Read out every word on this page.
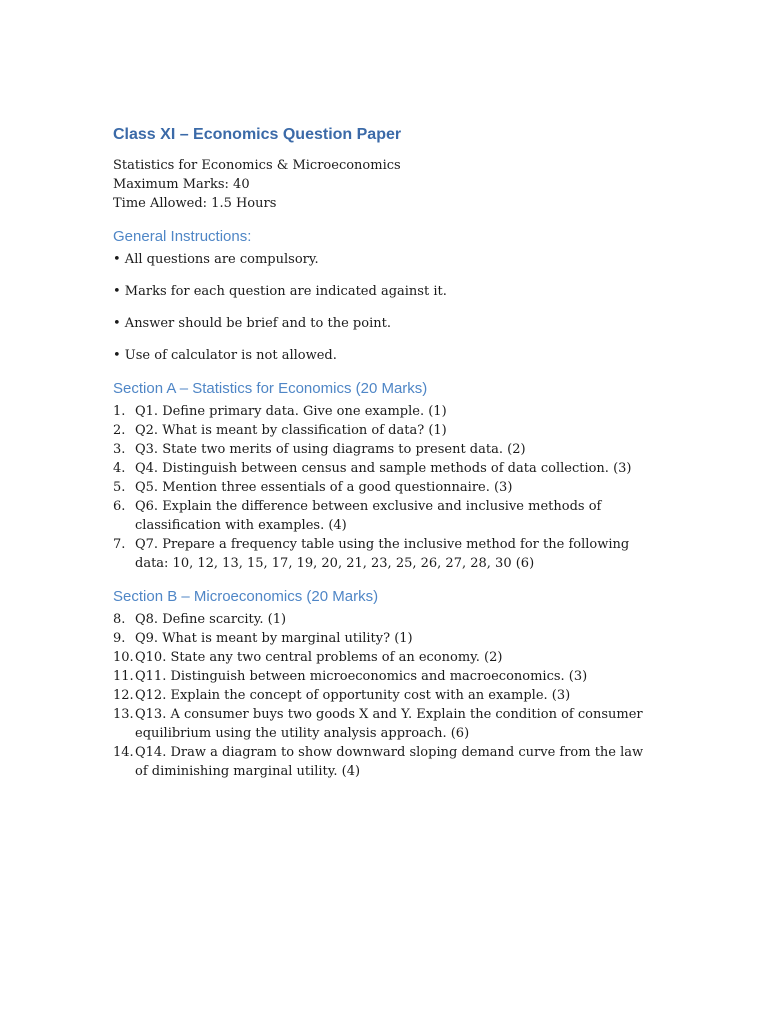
Class XI – Economics Question Paper
Statistics for Economics & Microeconomics
Maximum Marks: 40
Time Allowed: 1.5 Hours
General Instructions:
• All questions are compulsory.
• Marks for each question are indicated against it.
• Answer should be brief and to the point.
• Use of calculator is not allowed.
Section A – Statistics for Economics (20 Marks)
1. Q1. Define primary data. Give one example. (1)
2. Q2. What is meant by classification of data? (1)
3. Q3. State two merits of using diagrams to present data. (2)
4. Q4. Distinguish between census and sample methods of data collection. (3)
5. Q5. Mention three essentials of a good questionnaire. (3)
6. Q6. Explain the difference between exclusive and inclusive methods of classification with examples. (4)
7. Q7. Prepare a frequency table using the inclusive method for the following data: 10, 12, 13, 15, 17, 19, 20, 21, 23, 25, 26, 27, 28, 30 (6)
Section B – Microeconomics (20 Marks)
8. Q8. Define scarcity. (1)
9. Q9. What is meant by marginal utility? (1)
10. Q10. State any two central problems of an economy. (2)
11. Q11. Distinguish between microeconomics and macroeconomics. (3)
12. Q12. Explain the concept of opportunity cost with an example. (3)
13. Q13. A consumer buys two goods X and Y. Explain the condition of consumer equilibrium using the utility analysis approach. (6)
14. Q14. Draw a diagram to show downward sloping demand curve from the law of diminishing marginal utility. (4)
